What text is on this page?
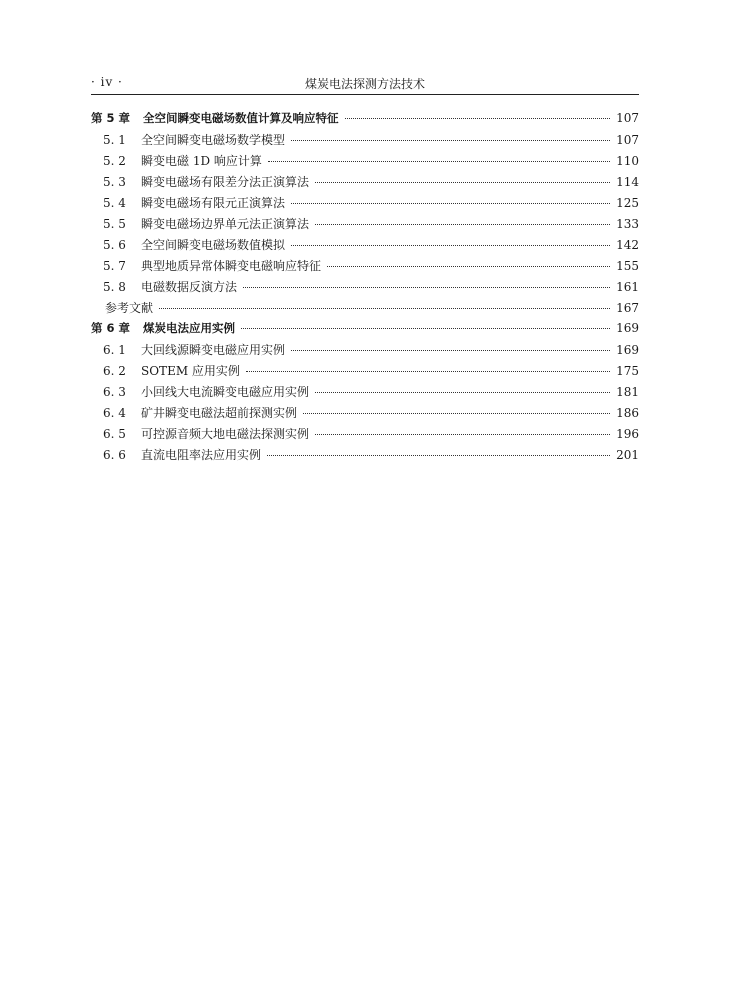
· iv ·	煤炭电法探测方法技术
第 5 章	全空间瞬变电磁场数值计算及响应特征	107
5. 1	全空间瞬变电磁场数学模型	107
5. 2	瞬变电磁 1D 响应计算	110
5. 3	瞬变电磁场有限差分法正演算法	114
5. 4	瞬变电磁场有限元正演算法	125
5. 5	瞬变电磁场边界单元法正演算法	133
5. 6	全空间瞬变电磁场数值模拟	142
5. 7	典型地质异常体瞬变电磁响应特征	155
5. 8	电磁数据反演方法	161
参考文献	167
第 6 章	煤炭电法应用实例	169
6. 1	大回线源瞬变电磁应用实例	169
6. 2	SOTEM 应用实例	175
6. 3	小回线大电流瞬变电磁应用实例	181
6. 4	矿井瞬变电磁法超前探测实例	186
6. 5	可控源音频大地电磁法探测实例	196
6. 6	直流电阻率法应用实例	201
